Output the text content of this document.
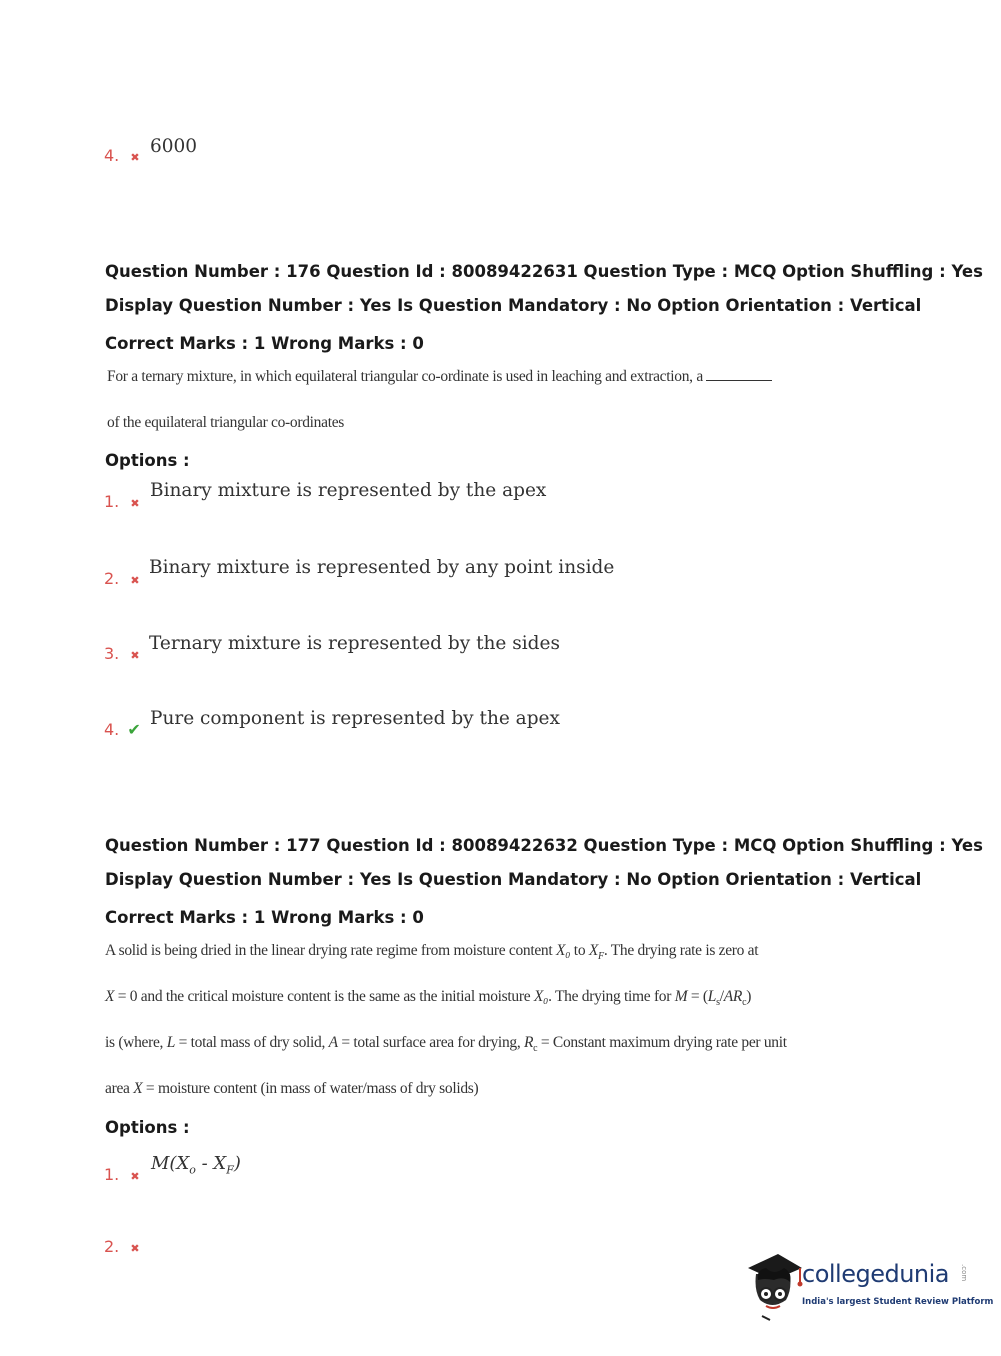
4. ✖
6000
Question Number : 176 Question Id : 80089422631 Question Type : MCQ Option Shuffling : Yes
Display Question Number : Yes Is Question Mandatory : No Option Orientation : Vertical
Correct Marks : 1 Wrong Marks : 0
For a ternary mixture, in which equilateral triangular co-ordinate is used in leaching and extraction, a
of the equilateral triangular co-ordinates
Options :
1. ✖
Binary mixture is represented by the apex
2. ✖
Binary mixture is represented by any point inside
3. ✖
Ternary mixture is represented by the sides
4. ✔
Pure component is represented by the apex
Question Number : 177 Question Id : 80089422632 Question Type : MCQ Option Shuffling : Yes
Display Question Number : Yes Is Question Mandatory : No Option Orientation : Vertical
Correct Marks : 1 Wrong Marks : 0
A solid is being dried in the linear drying rate regime from moisture content X₀ to $X_F$. The drying rate is zero at
X = 0 and the critical moisture content is the same as the initial moisture X₀. The drying time for $M = (L_s/AR_c)$
is (where, L = total mass of dry solid, A = total surface area for drying, $R_c$ = Constant maximum drying rate per unit
area X = moisture content (in mass of water/mass of dry solids)
Options :
1. ✖
$M(X_o - X_F)$
2. ✖
collegedunia .com
India's largest Student Review Platform
